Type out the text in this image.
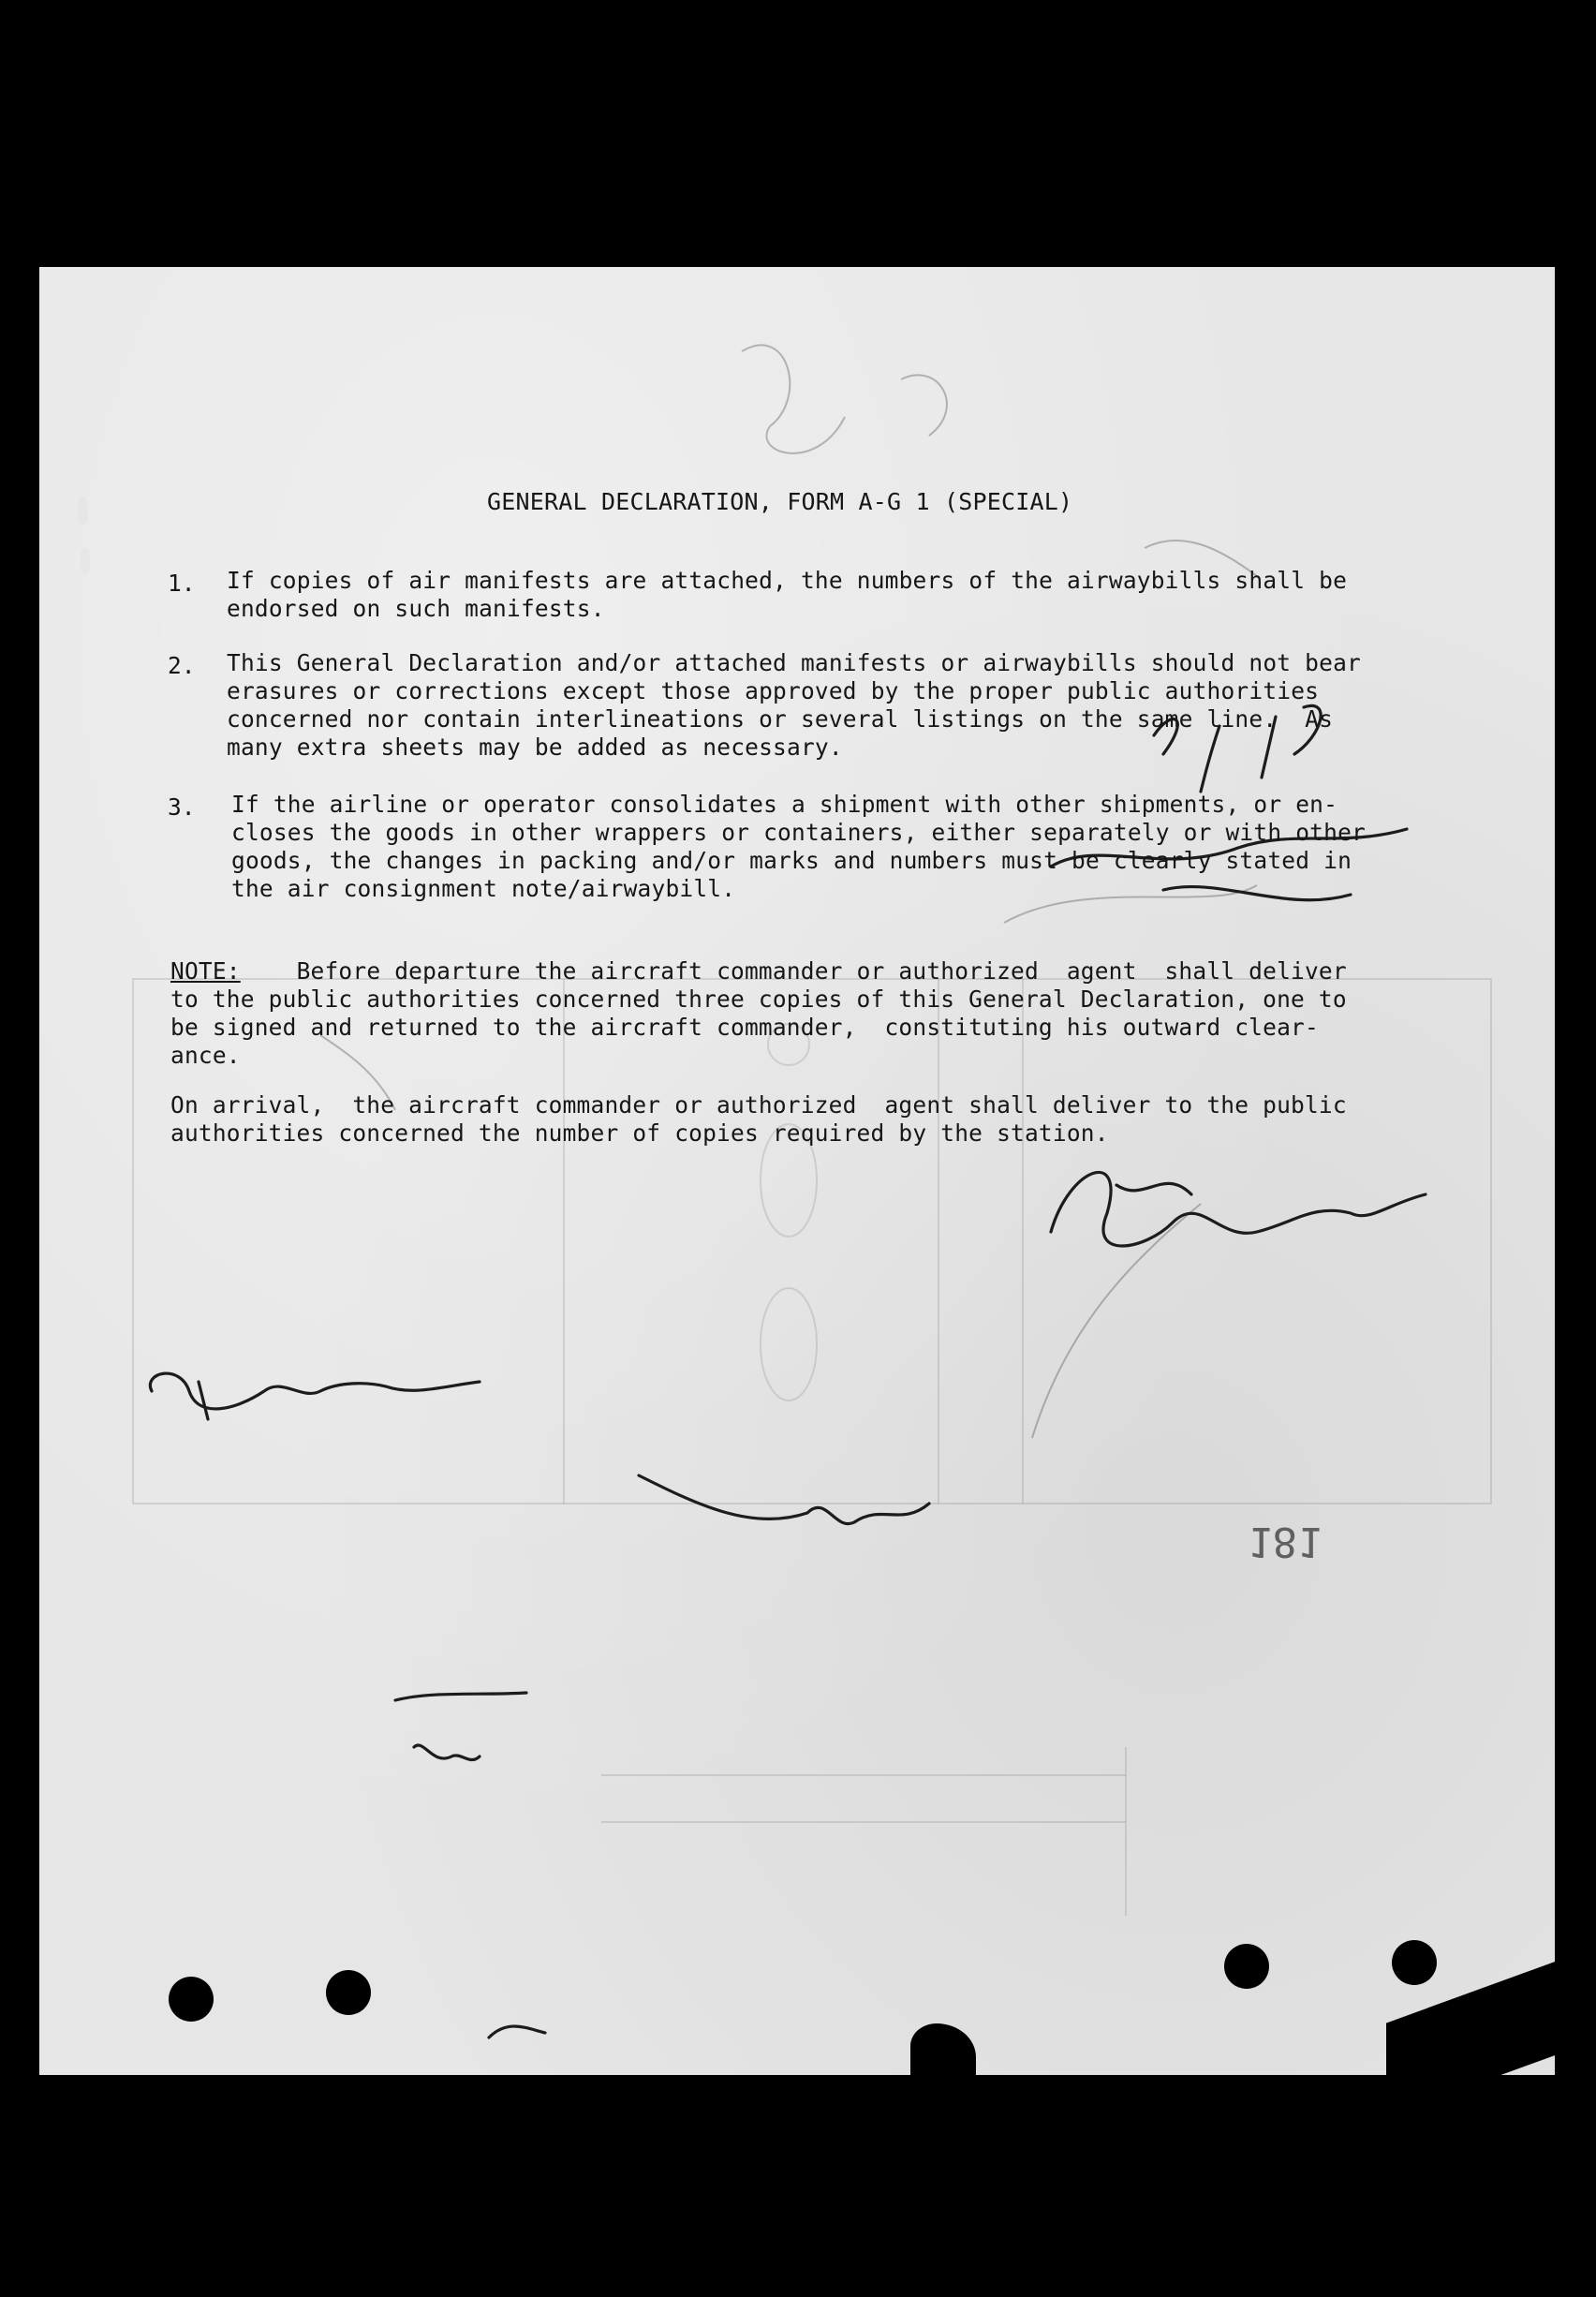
GENERAL DECLARATION, FORM A-G 1 (SPECIAL)
1. If copies of air manifests are attached, the numbers of the airwaybills shall be
endorsed on such manifests.
2. This General Declaration and/or attached manifests or airwaybills should not bear
erasures or corrections except those approved by the proper public authorities
concerned nor contain interlineations or several listings on the same line.  As
many extra sheets may be added as necessary.
3. If the airline or operator consolidates a shipment with other shipments, or en-
closes the goods in other wrappers or containers, either separately or with other
goods, the changes in packing and/or marks and numbers must be clearly stated in
the air consignment note/airwaybill.
NOTE:    Before departure the aircraft commander or authorized  agent  shall deliver
to the public authorities concerned three copies of this General Declaration, one to
be signed and returned to the aircraft commander,  constituting his outward clear-
ance.
On arrival,  the aircraft commander or authorized  agent shall deliver to the public
authorities concerned the number of copies required by the station.
181
